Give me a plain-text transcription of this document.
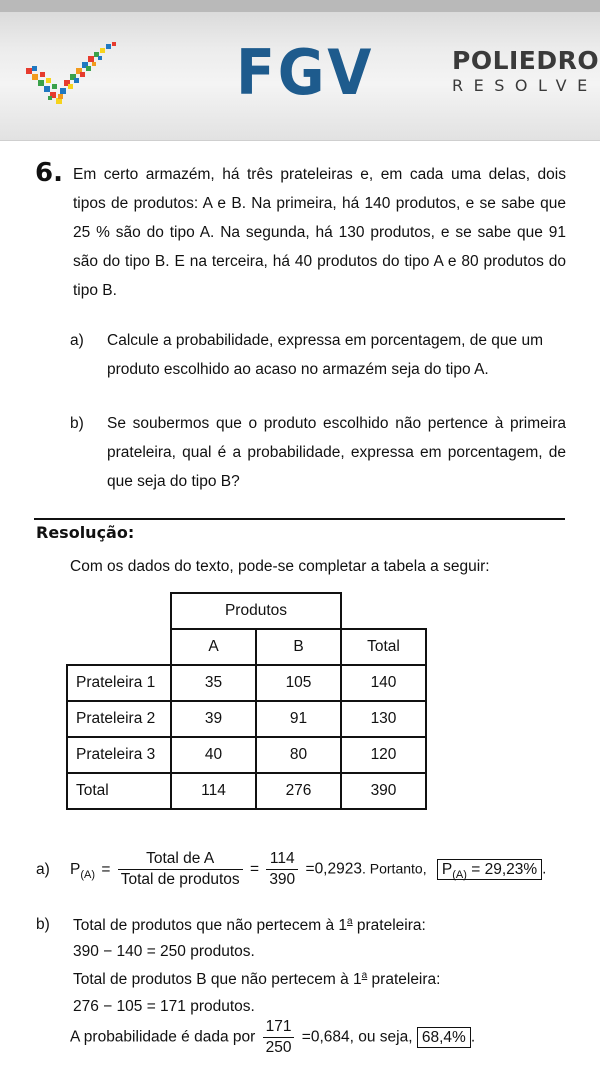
FGV	POLIEDRO
RESOLVE
6. Em certo armazém, há três prateleiras e, em cada uma delas, dois tipos de produtos: A e B. Na primeira, há 140 produtos, e se sabe que 25 % são do tipo A. Na segunda, há 130 produtos, e se sabe que 91 são do tipo B. E na terceira, há 40 produtos do tipo A e 80 produtos do tipo B.
a) Calcule a probabilidade, expressa em porcentagem, de que um produto escolhido ao acaso no armazém seja do tipo A.
b) Se soubermos que o produto escolhido não pertence à primeira prateleira, qual é a probabilidade, expressa em porcentagem, de que seja do tipo B?
Resolução:
Com os dados do texto, pode-se completar a tabela a seguir:
	Produtos		
	A	B	Total
Prateleira 1	35	105	140
Prateleira 2	39	91	130
Prateleira 3	40	80	120
Total	114	276	390
a) $P_{(A)} = \frac{\text{Total de A}}{\text{Total de produtos}} = \frac{114}{390} =0,2923$. Portanto, $P_{(A)} = 29,23\%$ .
b) Total de produtos que não pertecem à 1$^a$ prateleira:
390 − 140 = 250 produtos.
Total de produtos B que não pertecem à 1$^a$ prateleira:
276 − 105 = 171 produtos.
A probabilidade é dada por $\frac{171}{250} =0,684$, ou seja, 68,4% .
